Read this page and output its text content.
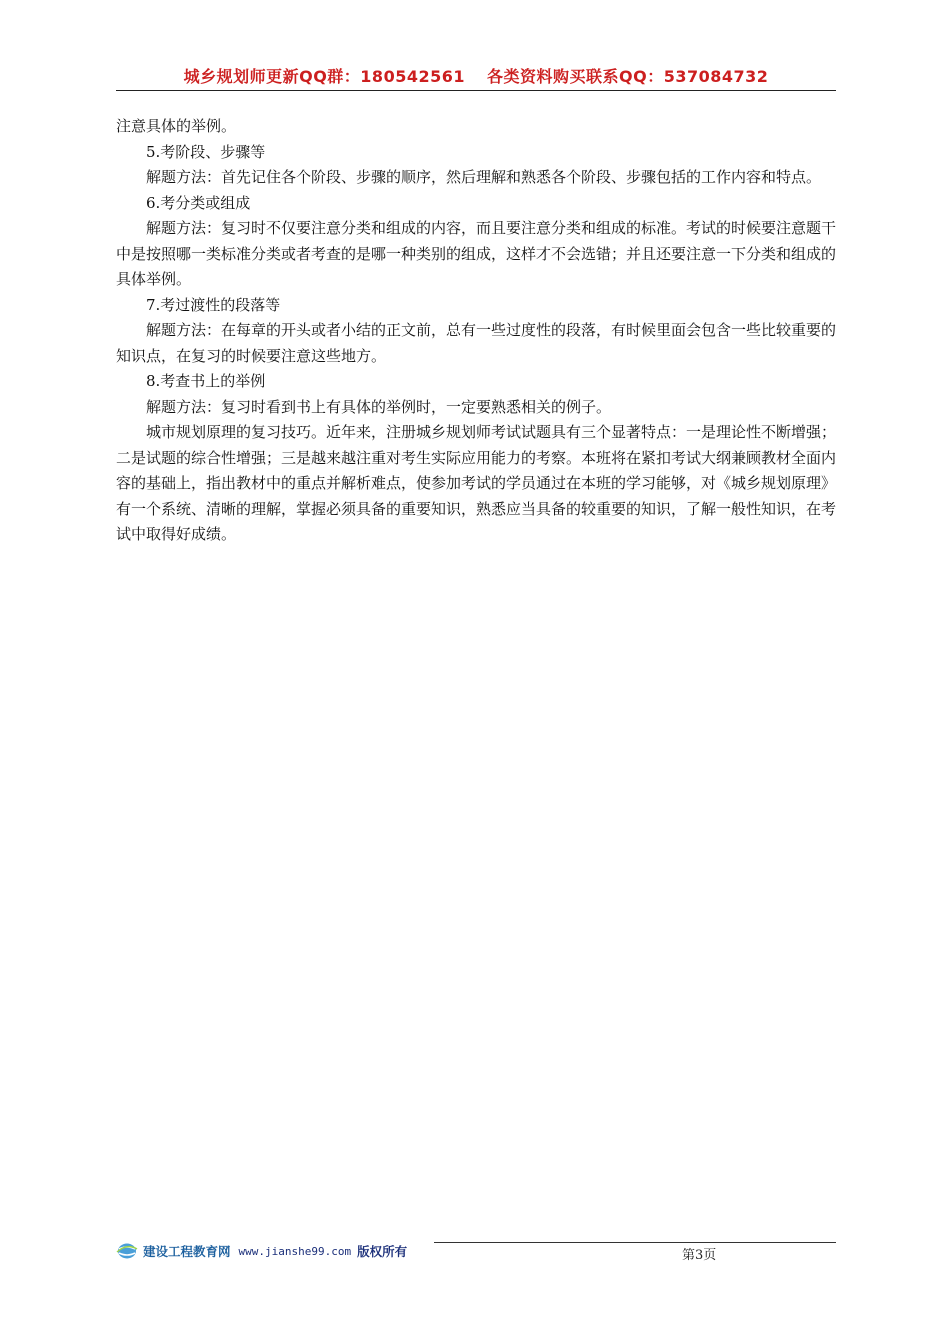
城乡规划师更新QQ群：180542561 各类资料购买联系QQ：537084732

注意具体的举例。

5.考阶段、步骤等

解题方法：首先记住各个阶段、步骤的顺序，然后理解和熟悉各个阶段、步骤包括的工作内容和特点。

6.考分类或组成

解题方法：复习时不仅要注意分类和组成的内容，而且要注意分类和组成的标准。考试的时候要注意题干中是按照哪一类标准分类或者考查的是哪一种类别的组成，这样才不会选错；并且还要注意一下分类和组成的具体举例。

7.考过渡性的段落等

解题方法：在每章的开头或者小结的正文前，总有一些过度性的段落，有时候里面会包含一些比较重要的知识点，在复习的时候要注意这些地方。

8.考查书上的举例

解题方法：复习时看到书上有具体的举例时，一定要熟悉相关的例子。

城市规划原理的复习技巧。近年来，注册城乡规划师考试试题具有三个显著特点：一是理论性不断增强；二是试题的综合性增强；三是越来越注重对考生实际应用能力的考察。本班将在紧扣考试大纲兼顾教材全面内容的基础上，指出教材中的重点并解析难点，使参加考试的学员通过在本班的学习能够，对《城乡规划原理》有一个系统、清晰的理解，掌握必须具备的重要知识，熟悉应当具备的较重要的知识，了解一般性知识，在考试中取得好成绩。

建设工程教育网 www.jianshe99.com 版权所有	第3页
